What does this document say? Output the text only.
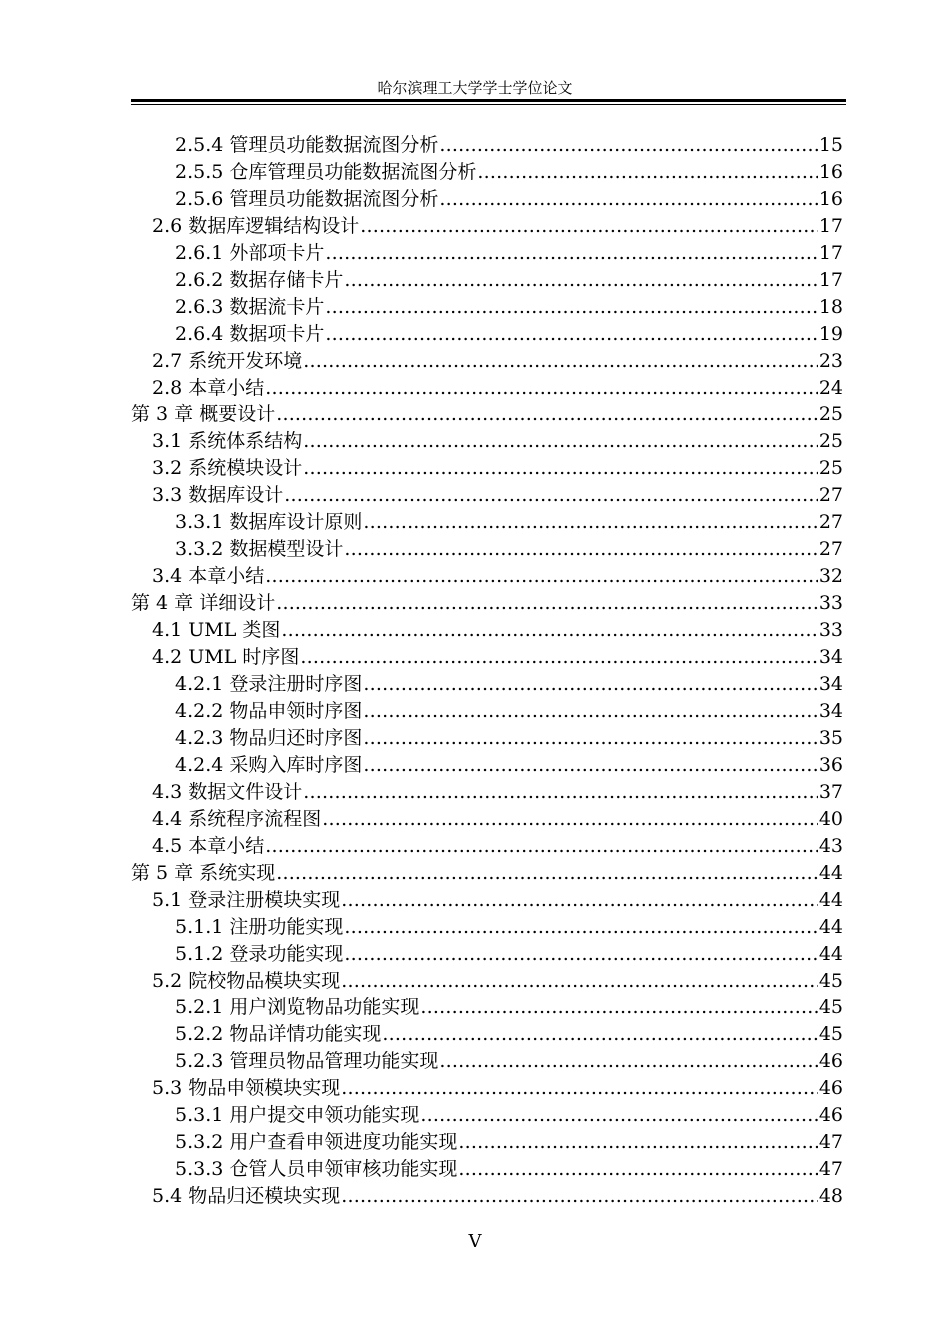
哈尔滨理工大学学士学位论文
2.5.4 管理员功能数据流图分析 .....	15
2.5.5 仓库管理员功能数据流图分析 .....	16
2.5.6 管理员功能数据流图分析 .....	16
2.6 数据库逻辑结构设计 .....	17
2.6.1 外部项卡片 .....	17
2.6.2 数据存储卡片 .....	17
2.6.3 数据流卡片 .....	18
2.6.4 数据项卡片 .....	19
2.7 系统开发环境 .....	23
2.8 本章小结 .....	24
第 3 章 概要设计 .....	25
3.1 系统体系结构 .....	25
3.2 系统模块设计 .....	25
3.3 数据库设计 .....	27
3.3.1 数据库设计原则 .....	27
3.3.2 数据模型设计 .....	27
3.4 本章小结 .....	32
第 4 章 详细设计 .....	33
4.1 UML 类图 .....	33
4.2 UML 时序图 .....	34
4.2.1 登录注册时序图 .....	34
4.2.2 物品申领时序图 .....	34
4.2.3 物品归还时序图 .....	35
4.2.4 采购入库时序图 .....	36
4.3 数据文件设计 .....	37
4.4 系统程序流程图 .....	40
4.5 本章小结 .....	43
第 5 章 系统实现 .....	44
5.1 登录注册模块实现 .....	44
5.1.1 注册功能实现 .....	44
5.1.2 登录功能实现 .....	44
5.2 院校物品模块实现 .....	45
5.2.1 用户浏览物品功能实现 .....	45
5.2.2 物品详情功能实现 .....	45
5.2.3 管理员物品管理功能实现 .....	46
5.3 物品申领模块实现 .....	46
5.3.1 用户提交申领功能实现 .....	46
5.3.2 用户查看申领进度功能实现 .....	47
5.3.3 仓管人员申领审核功能实现 .....	47
5.4 物品归还模块实现 .....	48
V
